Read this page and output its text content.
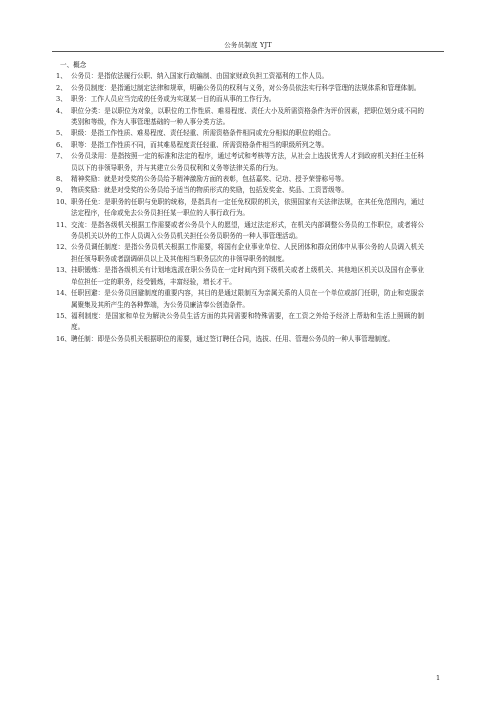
公务员制度 YJT
一、概念
1、 公务员：是指依法履行公职、纳入国家行政编制、由国家财政负担工资福利的工作人员。
2、 公务员制度：是指通过制定法律和规章，明确公务员的权利与义务，对公务员依法实行科学管理的法规体系和管理体制。
3、 职务：工作人员应当完成的任务或为实现某一目的而从事的工作行为。
4、 职位分类：是以职位为对象，以职位的工作性质、难易程度、责任大小及所需资格条件为评价因素，把职位划分成不同的类别和等级，作为人事管理基础的一种人事分类方法。
5、 职级：是指工作性质、难易程度、责任轻重、所需资格条件相同或充分相似的职位的组合。
6、 职等：是指工作性质不同，而其难易程度责任轻重、所需资格条件相当的职级所列之等。
7、 公务员录用：是指按照一定的标准和法定的程序，通过考试和考核等方法，从社会上选拔优秀人才到政府机关担任主任科员以下的非领导职务，并与其建立公务员权利和义务等法律关系的行为。
8、 精神奖励：就是对受奖的公务员给予精神激励方面的表彰，包括嘉奖、记功、授予荣誉称号等。
9、 物质奖励：就是对受奖的公务员给予适当的物质形式的奖励，包括发奖金、奖品、工资晋级等。
10、 职务任免：是职务的任职与免职的统称，是指具有一定任免权限的机关，依照国家有关法律法规，在其任免范围内，通过法定程序，任命或免去公务员担任某一职位的人事行政行为。
11、 交流：是指各级机关根据工作需要或者公务员个人的愿望，通过法定形式，在机关内部调整公务员的工作职位，或者将公务员机关以外的工作人员调入公务员机关担任公务员职务的一种人事管理活动。
12、 公务员调任制度：是指公务员机关根据工作需要，将国有企业事业单位、人民团体和群众团体中从事公务的人员调入机关担任领导职务或者副调研员以上及其他相当职务层次的非领导职务的制度。
13、 挂职锻炼：是指各级机关有计划地选派在职公务员在一定时间内到下级机关或者上级机关、其他地区机关以及国有企事业单位担任一定的职务，经受锻炼，丰富经验，增长才干。
14、 任职回避：是公务员回避制度的重要内容，其目的是通过限制互为亲属关系的人员在一个单位或部门任职，防止和克服亲属聚集及其所产生的各种弊端，为公务员廉洁奉公创造条件。
15、 福利制度：是国家和单位为解决公务员生活方面的共同需要和特殊需要，在工资之外给予经济上帮助和生活上照顾的制度。
16、 聘任制：即是公务员机关根据职位的需要，通过签订聘任合同，选拔、任用、管理公务员的一种人事管理制度。
1
